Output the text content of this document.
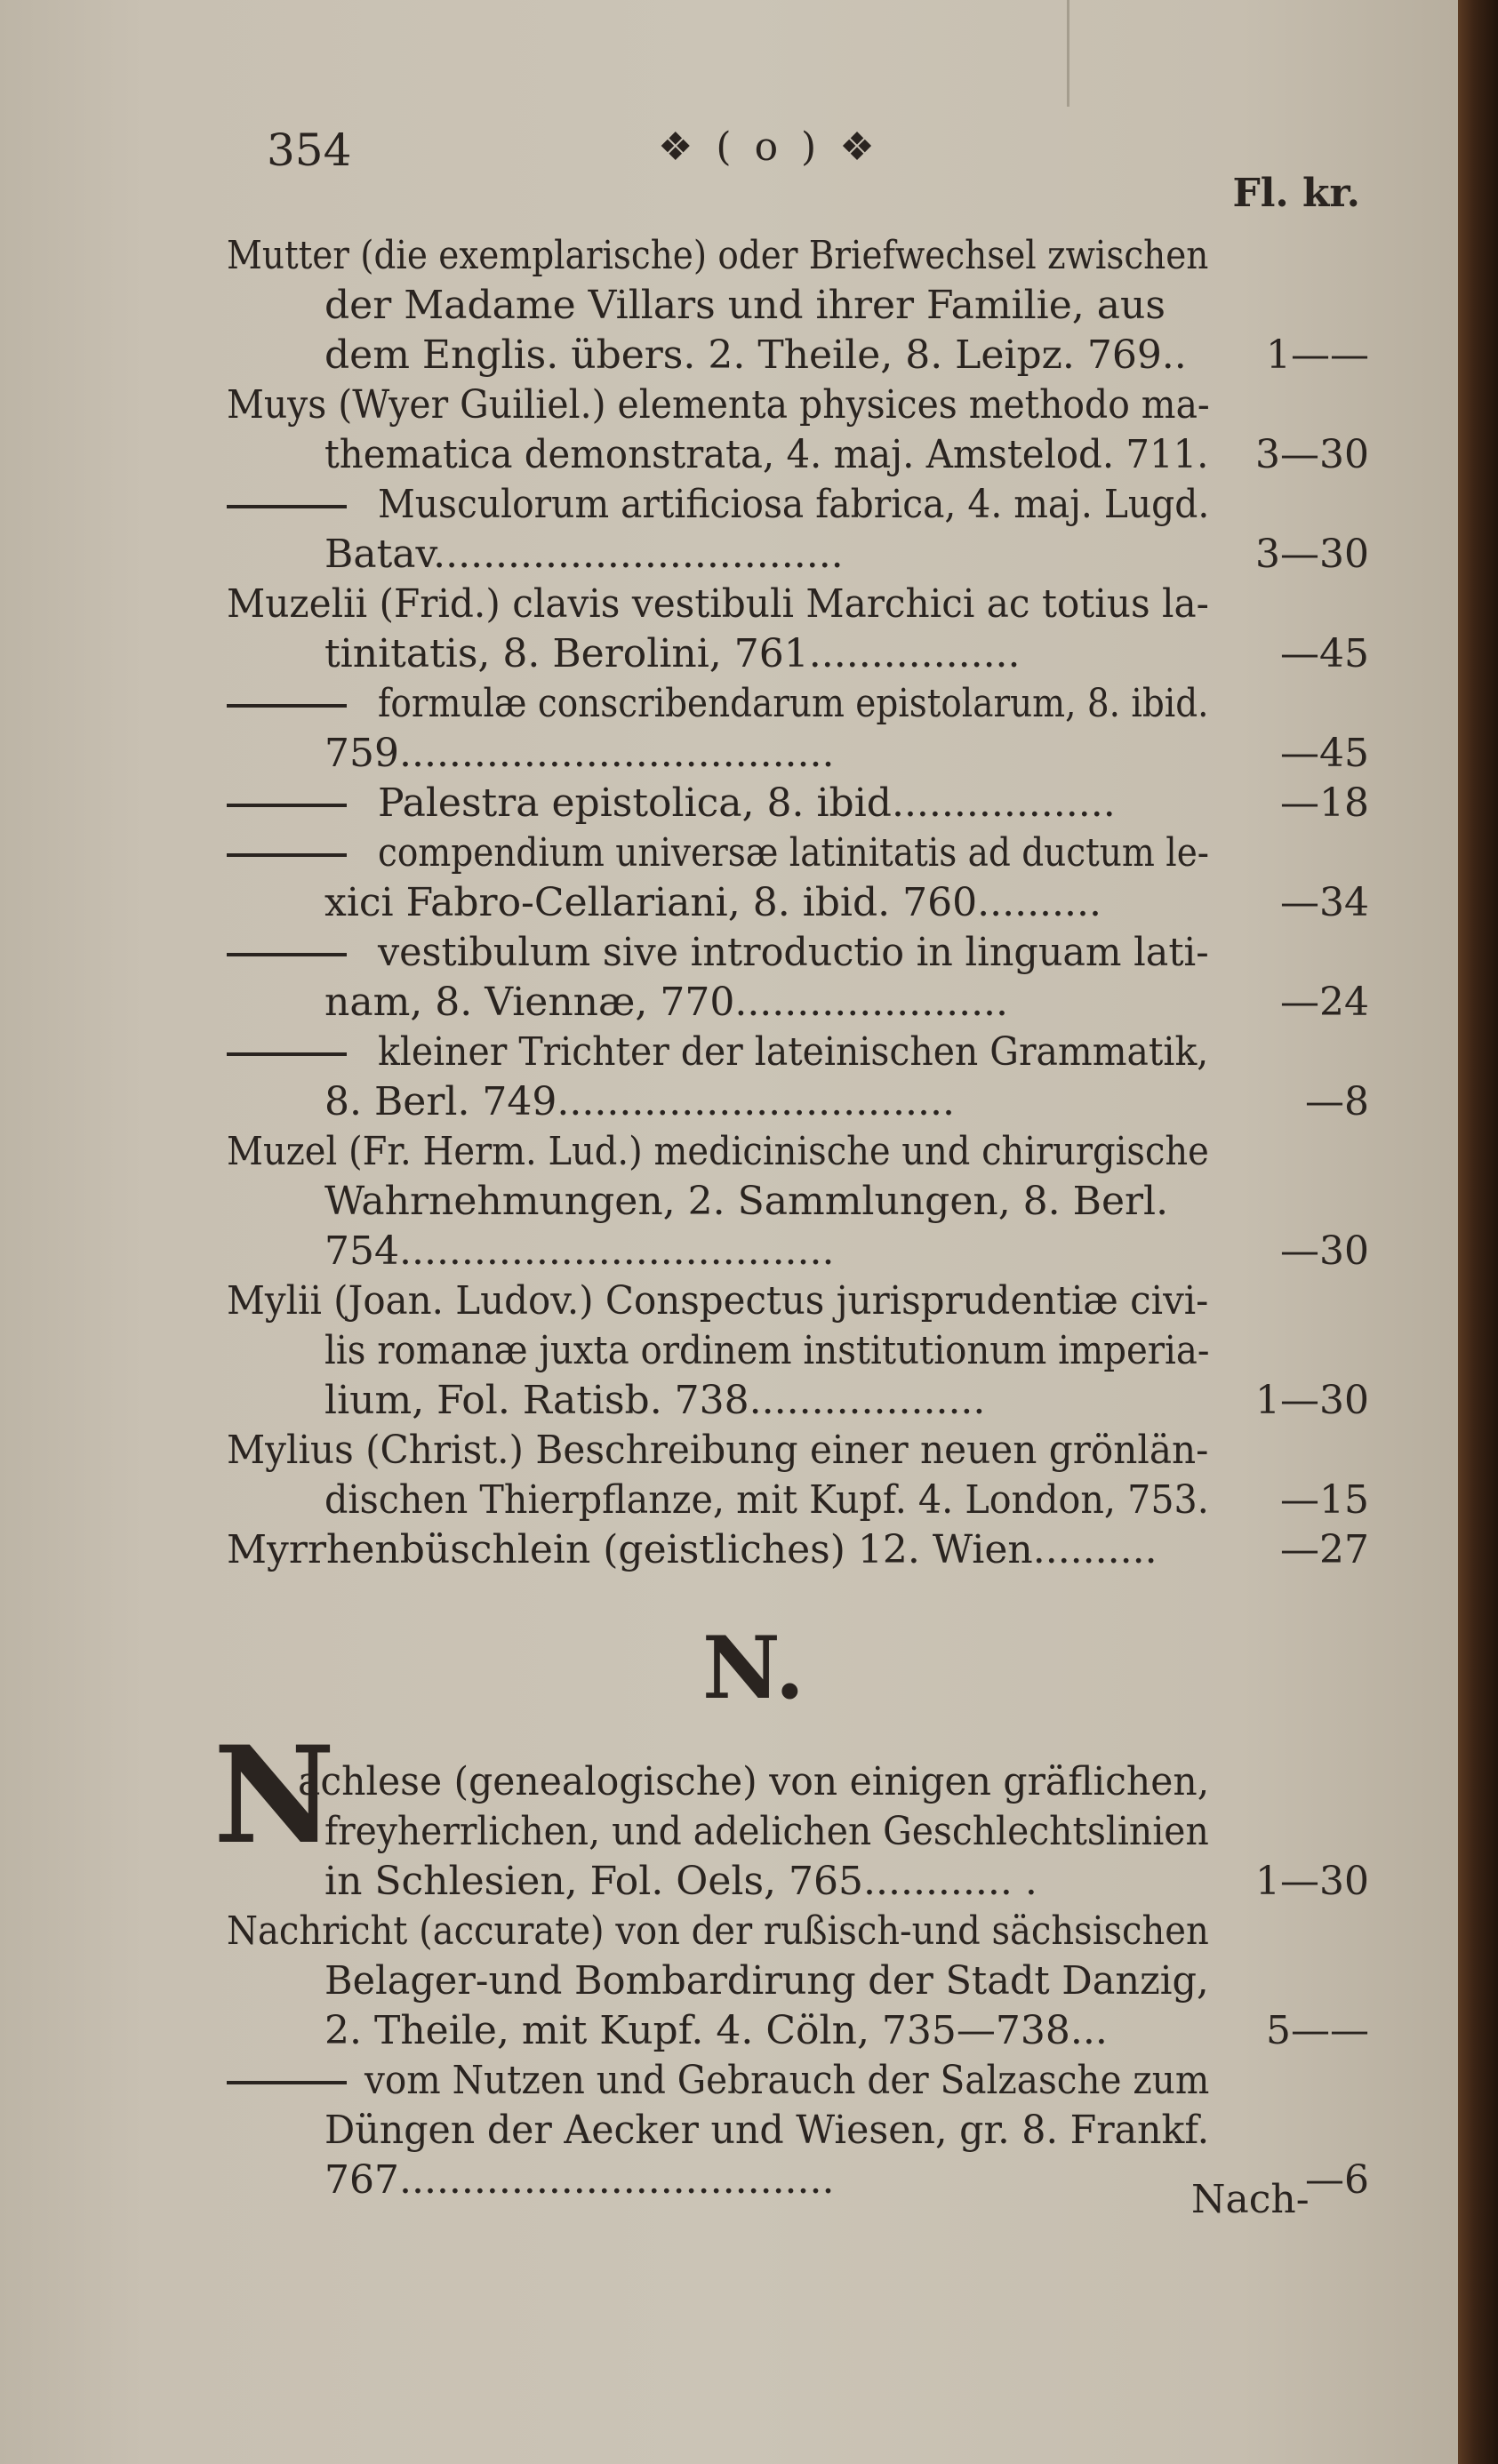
354	❖ ( o ) ❖
Fl. kr.
Mutter (die exemplarische) oder Briefwechsel zwischen
der Madame Villars und ihrer Familie, aus
dem Englis. übers. 2. Theile, 8. Leipz. 769..	1——
Muys (Wyer Guiliel.) elementa physices methodo ma-
thematica demonstrata, 4. maj. Amstelod. 711.	3—30
Musculorum artificiosa fabrica, 4. maj. Lugd.
Batav.................................	3—30
Muzelii (Frid.) clavis vestibuli Marchici ac totius la-
tinitatis, 8. Berolini, 761.................	—45
formulæ conscribendarum epistolarum, 8. ibid.
759...................................	—45
Palestra epistolica, 8. ibid..................	—18
compendium universæ latinitatis ad ductum le-
xici Fabro-Cellariani, 8. ibid. 760..........	—34
vestibulum sive introductio in linguam lati-
nam, 8. Viennæ, 770......................	—24
kleiner Trichter der lateinischen Grammatik,
8. Berl. 749................................	—8
Muzel (Fr. Herm. Lud.) medicinische und chirurgische
Wahrnehmungen, 2. Sammlungen, 8. Berl.
754...................................	—30
Mylii (Joan. Ludov.) Conspectus jurisprudentiæ civi-
lis romanæ juxta ordinem institutionum imperia-
lium, Fol. Ratisb. 738...................	1—30
Mylius (Christ.) Beschreibung einer neuen grönlän-
dischen Thierpflanze, mit Kupf. 4. London, 753.	—15
Myrrhenbüschlein (geistliches) 12. Wien..........	—27
N.
N
achlese (genealogische) von einigen gräflichen,
freyherrlichen, und adelichen Geschlechtslinien
in Schlesien, Fol. Oels, 765............ .	1—30
Nachricht (accurate) von der rußisch-und sächsischen
Belager-und Bombardirung der Stadt Danzig,
2. Theile, mit Kupf. 4. Cöln, 735—738...	5——
vom Nutzen und Gebrauch der Salzasche zum
Düngen der Aecker und Wiesen, gr. 8. Frankf.
767...................................	—6
Nach-
